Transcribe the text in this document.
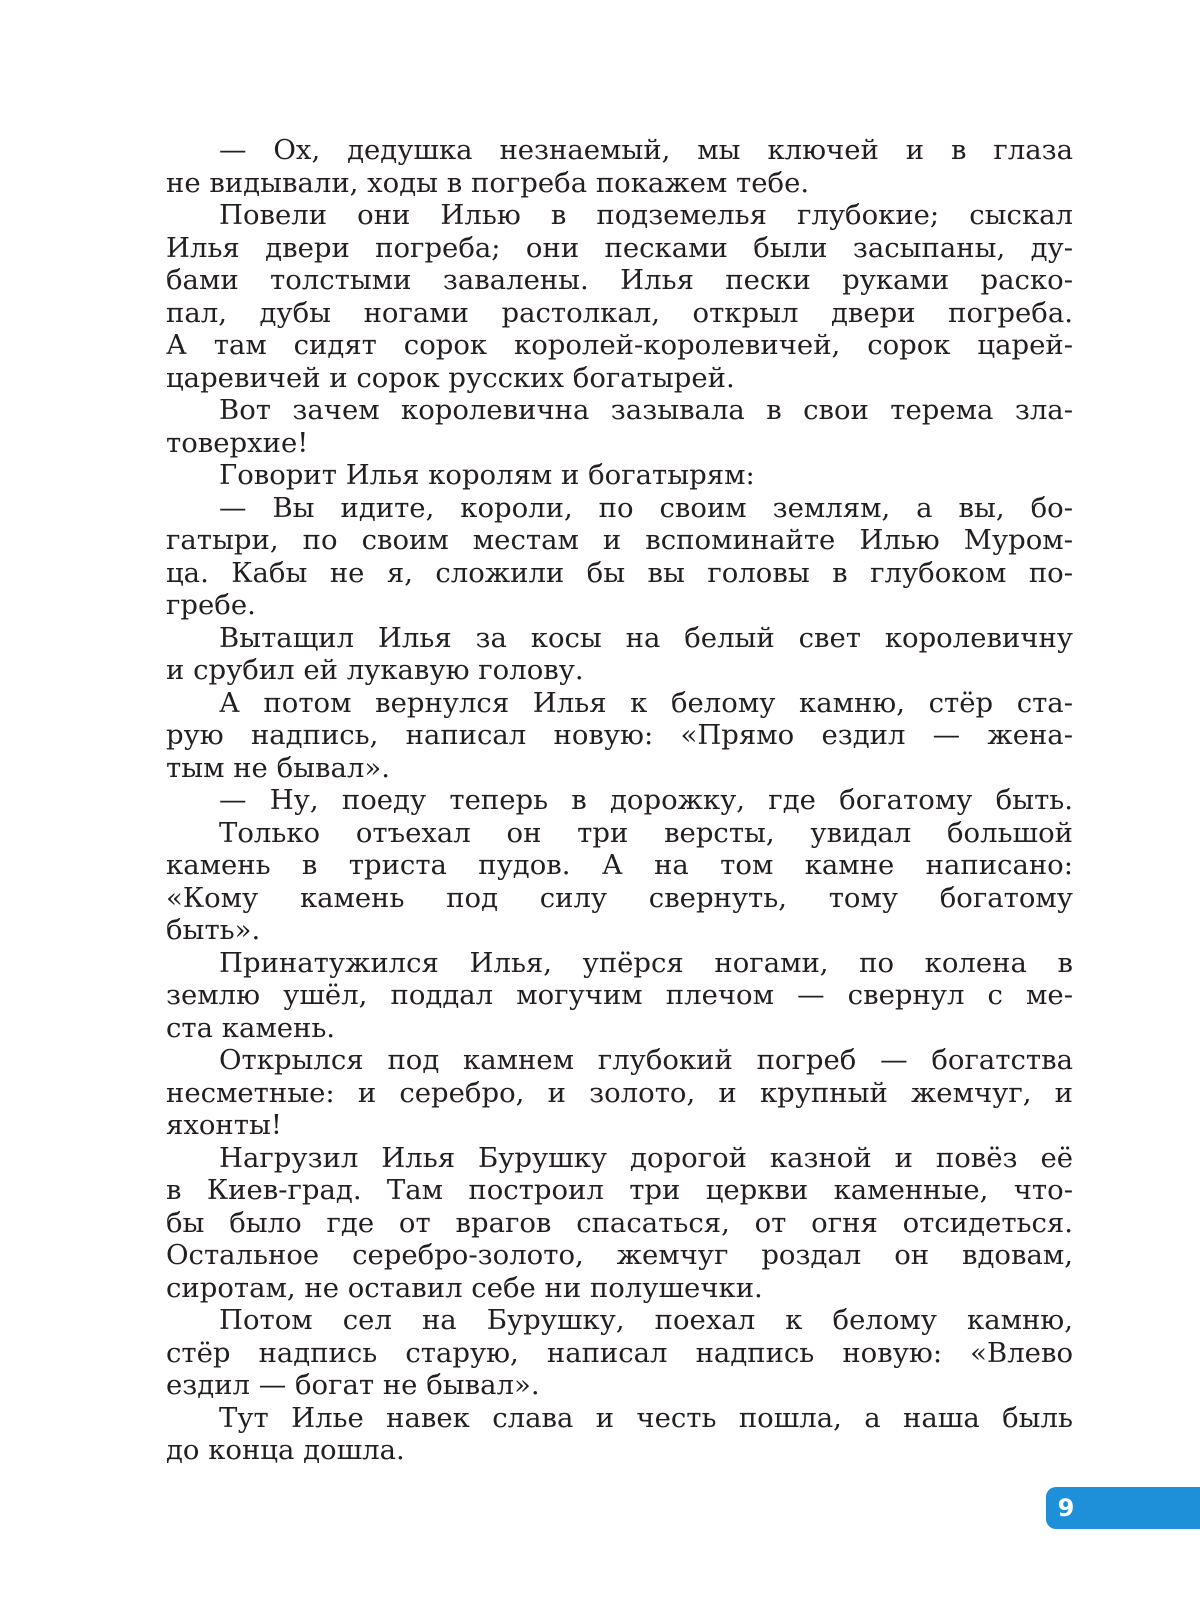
— Ох, дедушка незнаемый, мы ключей и в глаза
не видывали, ходы в погреба покажем тебе.
Повели они Илью в подземелья глубокие; сыскал
Илья двери погреба; они песками были засыпаны, ду-
бами толстыми завалены. Илья пески руками раско-
пал, дубы ногами растолкал, открыл двери погреба.
А там сидят сорок королей-королевичей, сорок царей-
царевичей и сорок русских богатырей.
Вот зачем королевична зазывала в свои терема зла-
товерхие!
Говорит Илья королям и богатырям:
— Вы идите, короли, по своим землям, а вы, бо-
гатыри, по своим местам и вспоминайте Илью Муром-
ца. Кабы не я, сложили бы вы головы в глубоком по-
гребе.
Вытащил Илья за косы на белый свет королевичну
и срубил ей лукавую голову.
А потом вернулся Илья к белому камню, стёр ста-
рую надпись, написал новую: «Прямо ездил — жена-
тым не бывал».
— Ну, поеду теперь в дорожку, где богатому быть.
Только отъехал он три версты, увидал большой
камень в триста пудов. А на том камне написано:
«Кому камень под силу свернуть, тому богатому
быть».
Принатужился Илья, упёрся ногами, по колена в
землю ушёл, поддал могучим плечом — свернул с ме-
ста камень.
Открылся под камнем глубокий погреб — богатства
несметные: и серебро, и золото, и крупный жемчуг, и
яхонты!
Нагрузил Илья Бурушку дорогой казной и повёз её
в Киев-град. Там построил три церкви каменные, что-
бы было где от врагов спасаться, от огня отсидеться.
Остальное серебро-золото, жемчуг роздал он вдовам,
сиротам, не оставил себе ни полушечки.
Потом сел на Бурушку, поехал к белому камню,
стёр надпись старую, написал надпись новую: «Влево
ездил — богат не бывал».
Тут Илье навек слава и честь пошла, а наша быль
до конца дошла.
9
